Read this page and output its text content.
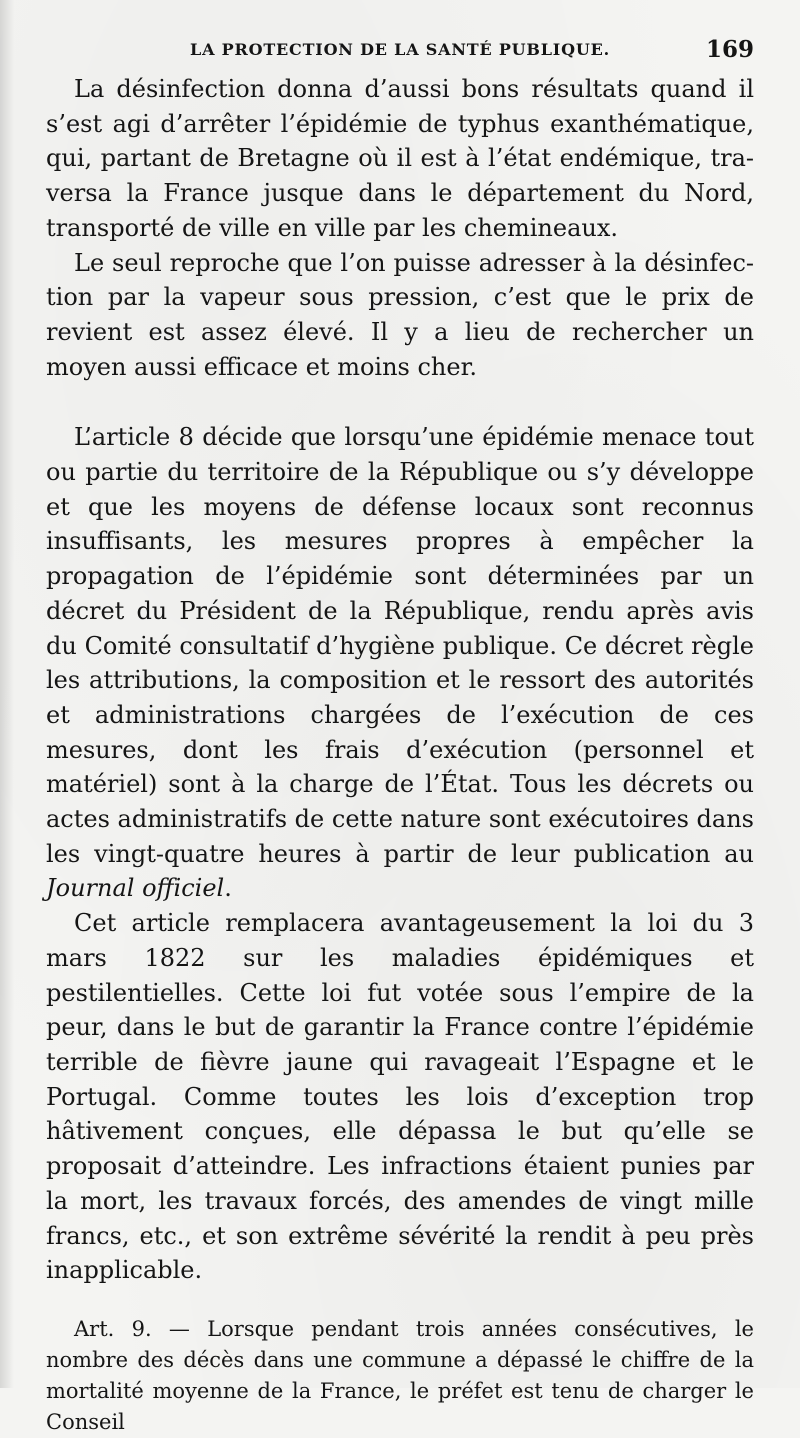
LA PROTECTION DE LA SANTÉ PUBLIQUE.	169

La désinfection donna d’aussi bons résultats quand il s’est agi d’arrêter l’épidémie de typhus exanthématique, qui, partant de Bretagne où il est à l’état endémique, traversa la France jusque dans le département du Nord, transporté de ville en ville par les chemineaux.

Le seul reproche que l’on puisse adresser à la désinfection par la vapeur sous pression, c’est que le prix de revient est assez élevé. Il y a lieu de rechercher un moyen aussi efficace et moins cher.

L’article 8 décide que lorsqu’une épidémie menace tout ou partie du territoire de la République ou s’y développe et que les moyens de défense locaux sont reconnus insuffisants, les mesures propres à empêcher la propagation de l’épidémie sont déterminées par un décret du Président de la République, rendu après avis du Comité consultatif d’hygiène publique. Ce décret règle les attributions, la composition et le ressort des autorités et administrations chargées de l’exécution de ces mesures, dont les frais d’exécution (personnel et matériel) sont à la charge de l’État. Tous les décrets ou actes administratifs de cette nature sont exécutoires dans les vingt-quatre heures à partir de leur publication au Journal officiel.

Cet article remplacera avantageusement la loi du 3 mars 1822 sur les maladies épidémiques et pestilentielles. Cette loi fut votée sous l’empire de la peur, dans le but de garantir la France contre l’épidémie terrible de fièvre jaune qui ravageait l’Espagne et le Portugal. Comme toutes les lois d’exception trop hâtivement conçues, elle dépassa le but qu’elle se proposait d’atteindre. Les infractions étaient punies par la mort, les travaux forcés, des amendes de vingt mille francs, etc., et son extrême sévérité la rendit à peu près inapplicable.

Art. 9. — Lorsque pendant trois années consécutives, le nombre des décès dans une commune a dépassé le chiffre de la mortalité moyenne de la France, le préfet est tenu de charger le Conseil
